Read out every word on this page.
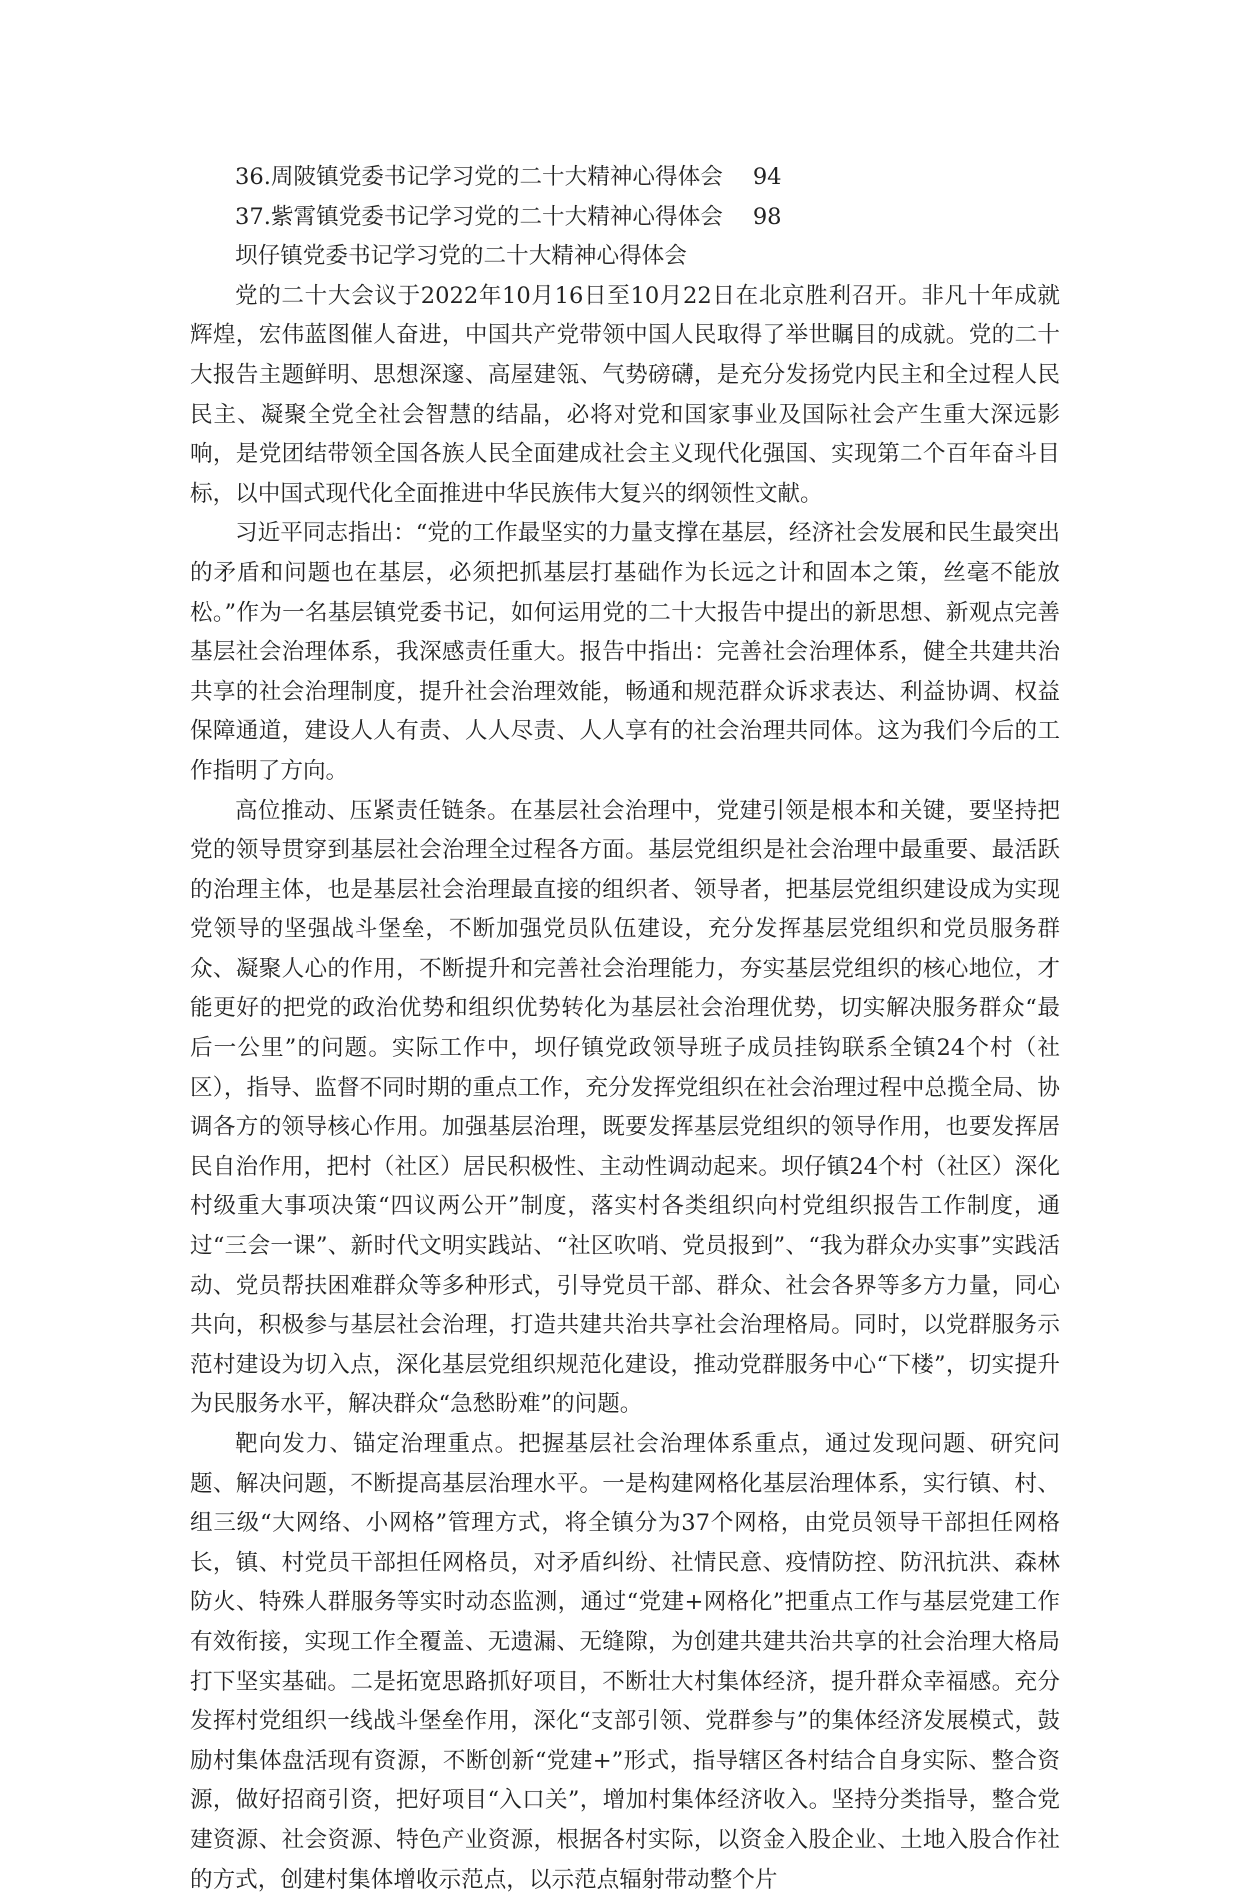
36.周陂镇党委书记学习党的二十大精神心得体会 94
37.紫霄镇党委书记学习党的二十大精神心得体会 98
坝仔镇党委书记学习党的二十大精神心得体会

党的二十大会议于2022年10月16日至10月22日在北京胜利召开。非凡十年成就辉煌，宏伟蓝图催人奋进，中国共产党带领中国人民取得了举世瞩目的成就。党的二十大报告主题鲜明、思想深邃、高屋建瓴、气势磅礴，是充分发扬党内民主和全过程人民民主、凝聚全党全社会智慧的结晶，必将对党和国家事业及国际社会产生重大深远影响，是党团结带领全国各族人民全面建成社会主义现代化强国、实现第二个百年奋斗目标，以中国式现代化全面推进中华民族伟大复兴的纲领性文献。

习近平同志指出：“党的工作最坚实的力量支撑在基层，经济社会发展和民生最突出的矛盾和问题也在基层，必须把抓基层打基础作为长远之计和固本之策，丝毫不能放松。”作为一名基层镇党委书记，如何运用党的二十大报告中提出的新思想、新观点完善基层社会治理体系，我深感责任重大。报告中指出：完善社会治理体系，健全共建共治共享的社会治理制度，提升社会治理效能，畅通和规范群众诉求表达、利益协调、权益保障通道，建设人人有责、人人尽责、人人享有的社会治理共同体。这为我们今后的工作指明了方向。

高位推动、压紧责任链条。在基层社会治理中，党建引领是根本和关键，要坚持把党的领导贯穿到基层社会治理全过程各方面。基层党组织是社会治理中最重要、最活跃的治理主体，也是基层社会治理最直接的组织者、领导者，把基层党组织建设成为实现党领导的坚强战斗堡垒，不断加强党员队伍建设，充分发挥基层党组织和党员服务群众、凝聚人心的作用，不断提升和完善社会治理能力，夯实基层党组织的核心地位，才能更好的把党的政治优势和组织优势转化为基层社会治理优势，切实解决服务群众“最后一公里”的问题。实际工作中，坝仔镇党政领导班子成员挂钩联系全镇24个村（社区），指导、监督不同时期的重点工作，充分发挥党组织在社会治理过程中总揽全局、协调各方的领导核心作用。加强基层治理，既要发挥基层党组织的领导作用，也要发挥居民自治作用，把村（社区）居民积极性、主动性调动起来。坝仔镇24个村（社区）深化村级重大事项决策“四议两公开”制度，落实村各类组织向村党组织报告工作制度，通过“三会一课”、新时代文明实践站、“社区吹哨、党员报到”、“我为群众办实事”实践活动、党员帮扶困难群众等多种形式，引导党员干部、群众、社会各界等多方力量，同心共向，积极参与基层社会治理，打造共建共治共享社会治理格局。同时，以党群服务示范村建设为切入点，深化基层党组织规范化建设，推动党群服务中心“下楼”，切实提升为民服务水平，解决群众“急愁盼难”的问题。

靶向发力、锚定治理重点。把握基层社会治理体系重点，通过发现问题、研究问题、解决问题，不断提高基层治理水平。一是构建网格化基层治理体系，实行镇、村、组三级“大网络、小网格”管理方式，将全镇分为37个网格，由党员领导干部担任网格长，镇、村党员干部担任网格员，对矛盾纠纷、社情民意、疫情防控、防汛抗洪、森林防火、特殊人群服务等实时动态监测，通过“党建+网格化”把重点工作与基层党建工作有效衔接，实现工作全覆盖、无遗漏、无缝隙，为创建共建共治共享的社会治理大格局打下坚实基础。二是拓宽思路抓好项目，不断壮大村集体经济，提升群众幸福感。充分发挥村党组织一线战斗堡垒作用，深化“支部引领、党群参与”的集体经济发展模式，鼓励村集体盘活现有资源，不断创新“党建+”形式，指导辖区各村结合自身实际、整合资源，做好招商引资，把好项目“入口关”，增加村集体经济收入。坚持分类指导，整合党建资源、社会资源、特色产业资源，根据各村实际，以资金入股企业、土地入股合作社的方式，创建村集体增收示范点，以示范点辐射带动整个片
